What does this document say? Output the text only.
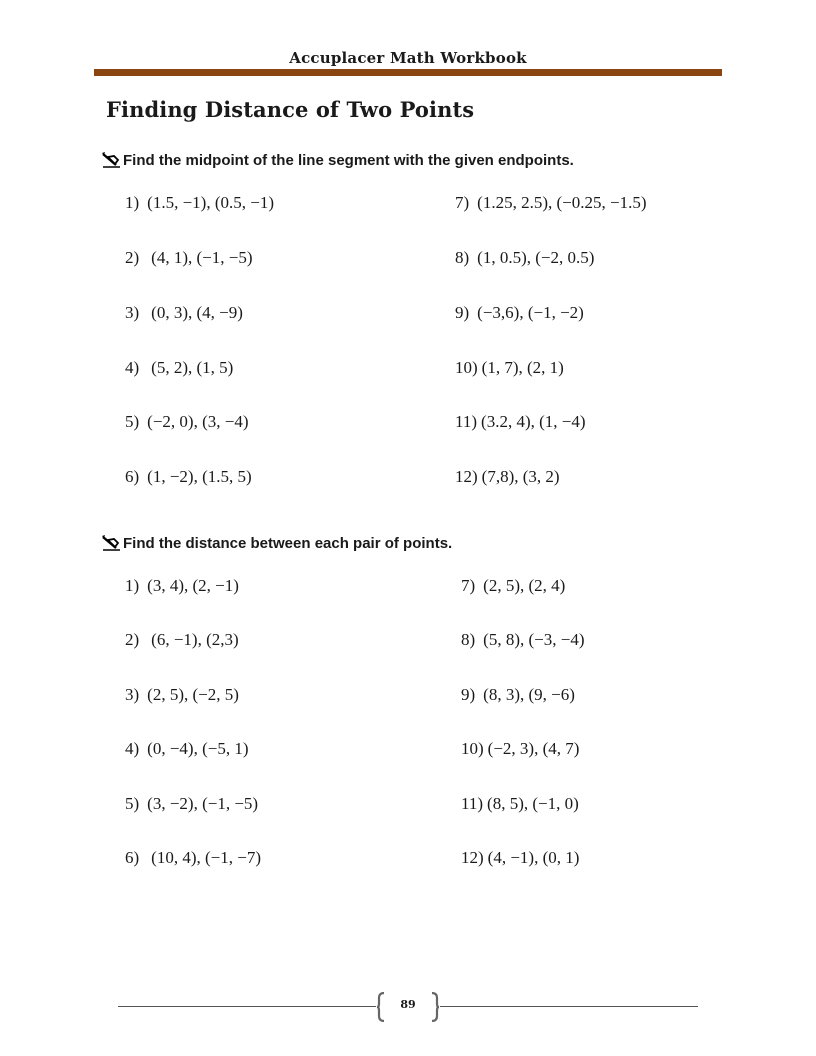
Accuplacer Math Workbook
Finding Distance of Two Points
Find the midpoint of the line segment with the given endpoints.
1) (1.5, −1), (0.5, −1)
2) (4, 1), (−1, −5)
3) (0, 3), (4, −9)
4) (5, 2), (1, 5)
5) (−2, 0), (3, −4)
6) (1, −2), (1.5, 5)
7) (1.25, 2.5), (−0.25, −1.5)
8) (1, 0.5), (−2, 0.5)
9) (−3,6), (−1, −2)
10) (1, 7), (2, 1)
11) (3.2, 4), (1, −4)
12) (7,8), (3, 2)
Find the distance between each pair of points.
1) (3, 4), (2, −1)
2) (6, −1), (2,3)
3) (2, 5), (−2, 5)
4) (0, −4), (−5, 1)
5) (3, −2), (−1, −5)
6) (10, 4), (−1, −7)
7) (2, 5), (2, 4)
8) (5, 8), (−3, −4)
9) (8, 3), (9, −6)
10) (−2, 3), (4, 7)
11) (8, 5), (−1, 0)
12) (4, −1), (0, 1)
89
